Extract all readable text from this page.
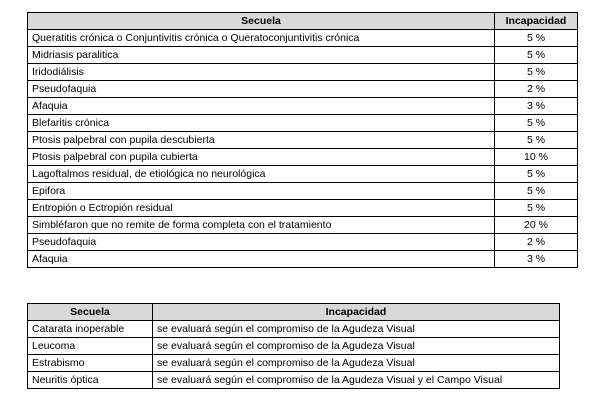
Secuela	Incapacidad
Queratitis crónica o Conjuntivitis crónica o Queratoconjuntivitis crónica	5 %
Midriasis paralitica	5 %
Iridodiálisis	5 %
Pseudofaquia	2 %
Afaquia	3 %
Blefaritis crónica	5 %
Ptosis palpebral con pupila descubierta	5 %
Ptosis palpebral con pupila cubierta	10 %
Lagoftalmos residual, de etiológica no neurológica	5 %
Epifora	5 %
Entropión o Ectropión residual	5 %
Simbléfaron que no remite de forma completa con el tratamiento	20 %
Pseudofaquia	2 %
Afaquia	3 %
Secuela	Incapacidad
Catarata inoperable	se evaluará según el compromiso de la Agudeza Visual
Leucoma	se evaluará según el compromiso de la Agudeza Visual
Estrabismo	se evaluará según el compromiso de la Agudeza Visual
Neuritis óptica	se evaluará según el compromiso de la Agudeza Visual y el Campo Visual
